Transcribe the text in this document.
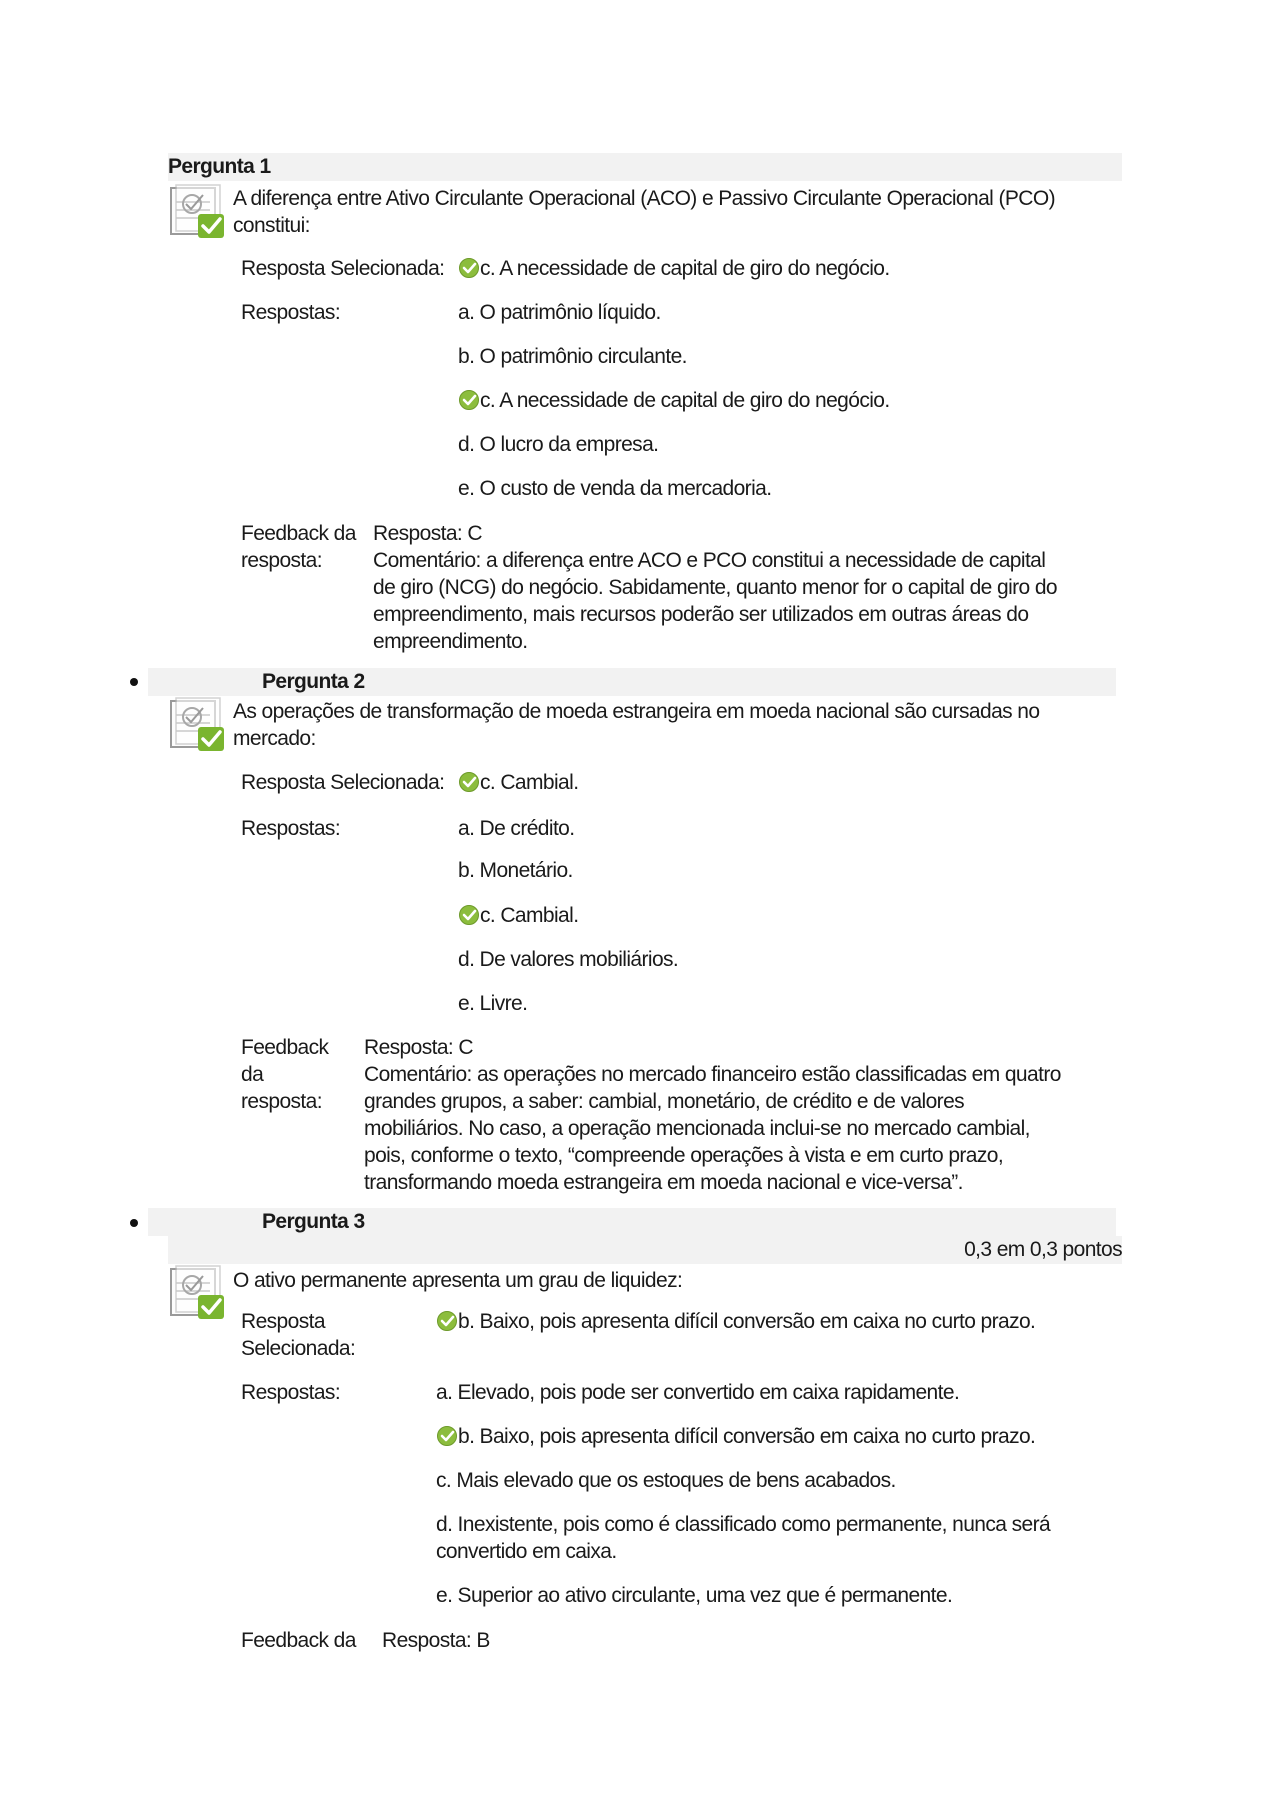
Pergunta 1
A diferença entre Ativo Circulante Operacional (ACO) e Passivo Circulante Operacional (PCO)
constitui:
Resposta Selecionada:	c. A necessidade de capital de giro do negócio.
Respostas:	a. O patrimônio líquido.
b. O patrimônio circulante.
c. A necessidade de capital de giro do negócio.
d. O lucro da empresa.
e. O custo de venda da mercadoria.
Feedback da
resposta:
Resposta: C
Comentário: a diferença entre ACO e PCO constitui a necessidade de capital
de giro (NCG) do negócio. Sabidamente, quanto menor for o capital de giro do
empreendimento, mais recursos poderão ser utilizados em outras áreas do
empreendimento.
Pergunta 2
As operações de transformação de moeda estrangeira em moeda nacional são cursadas no
mercado:
Resposta Selecionada:	c. Cambial.
Respostas:	a. De crédito.
b. Monetário.
c. Cambial.
d. De valores mobiliários.
e. Livre.
Feedback
da
resposta:
Resposta: C
Comentário: as operações no mercado financeiro estão classificadas em quatro
grandes grupos, a saber: cambial, monetário, de crédito e de valores
mobiliários. No caso, a operação mencionada inclui-se no mercado cambial,
pois, conforme o texto, “compreende operações à vista e em curto prazo,
transformando moeda estrangeira em moeda nacional e vice-versa”.
Pergunta 3
0,3 em 0,3 pontos
O ativo permanente apresenta um grau de liquidez:
Resposta
Selecionada:
b. Baixo, pois apresenta difícil conversão em caixa no curto prazo.
Respostas:	a. Elevado, pois pode ser convertido em caixa rapidamente.
b. Baixo, pois apresenta difícil conversão em caixa no curto prazo.
c. Mais elevado que os estoques de bens acabados.
d. Inexistente, pois como é classificado como permanente, nunca será
convertido em caixa.
e. Superior ao ativo circulante, uma vez que é permanente.
Feedback da Resposta: B
